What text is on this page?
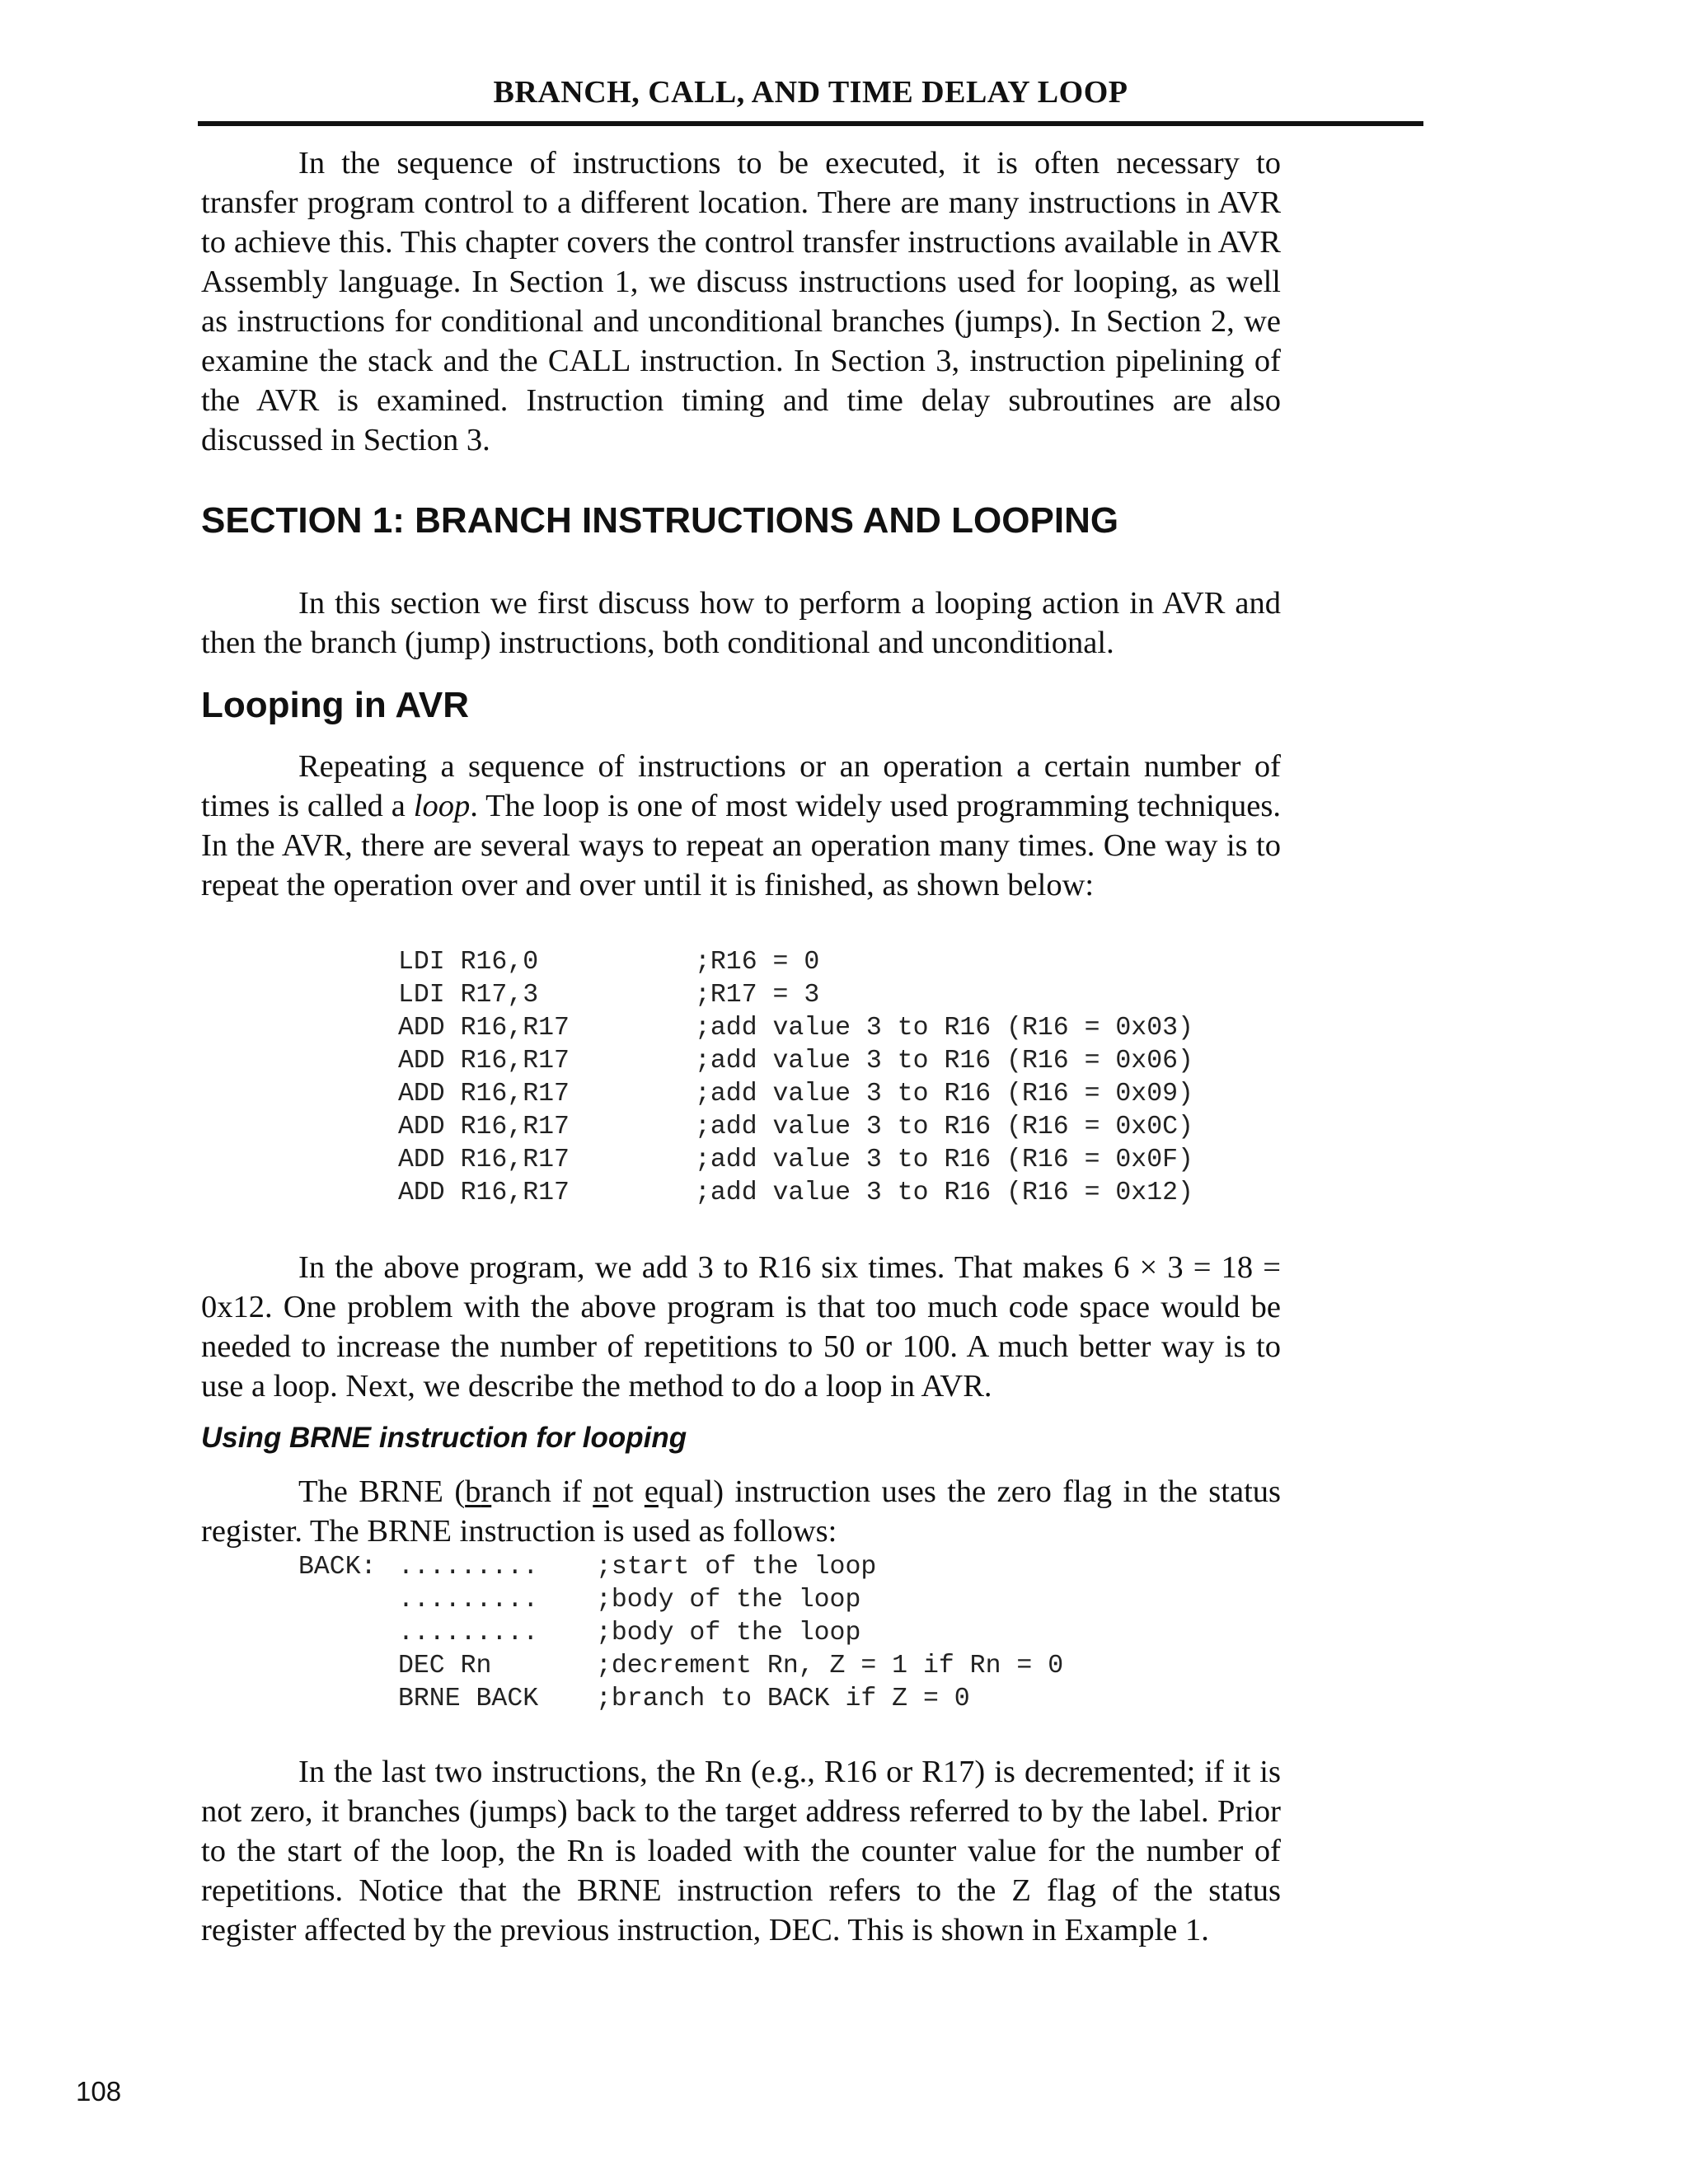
BRANCH, CALL, AND TIME DELAY LOOP

In the sequence of instructions to be executed, it is often necessary to transfer program control to a different location. There are many instructions in AVR to achieve this. This chapter covers the control transfer instructions available in AVR Assembly language. In Section 1, we discuss instructions used for looping, as well as instructions for conditional and unconditional branches (jumps). In Section 2, we examine the stack and the CALL instruction. In Section 3, instruction pipelining of the AVR is examined. Instruction timing and time delay subroutines are also discussed in Section 3.

SECTION 1: BRANCH INSTRUCTIONS AND LOOPING

In this section we first discuss how to perform a looping action in AVR and then the branch (jump) instructions, both conditional and unconditional.

Looping in AVR

Repeating a sequence of instructions or an operation a certain number of times is called a loop. The loop is one of most widely used programming techniques. In the AVR, there are several ways to repeat an operation many times. One way is to repeat the operation over and over until it is finished, as shown below:

LDI R16,0	;R16 = 0
LDI R17,3	;R17 = 3
ADD R16,R17	;add value 3 to R16 (R16 = 0x03)
ADD R16,R17	;add value 3 to R16 (R16 = 0x06)
ADD R16,R17	;add value 3 to R16 (R16 = 0x09)
ADD R16,R17	;add value 3 to R16 (R16 = 0x0C)
ADD R16,R17	;add value 3 to R16 (R16 = 0x0F)
ADD R16,R17	;add value 3 to R16 (R16 = 0x12)

In the above program, we add 3 to R16 six times. That makes 6 × 3 = 18 = 0x12. One problem with the above program is that too much code space would be needed to increase the number of repetitions to 50 or 100. A much better way is to use a loop. Next, we describe the method to do a loop in AVR.

Using BRNE instruction for looping

The BRNE (branch if not equal) instruction uses the zero flag in the status register. The BRNE instruction is used as follows:

BACK: ......... ;start of the loop
......... ;body of the loop
......... ;body of the loop
DEC Rn	;decrement Rn, Z = 1 if Rn = 0
BRNE BACK ;branch to BACK if Z = 0

In the last two instructions, the Rn (e.g., R16 or R17) is decremented; if it is not zero, it branches (jumps) back to the target address referred to by the label. Prior to the start of the loop, the Rn is loaded with the counter value for the number of repetitions. Notice that the BRNE instruction refers to the Z flag of the status register affected by the previous instruction, DEC. This is shown in Example 1.

108
